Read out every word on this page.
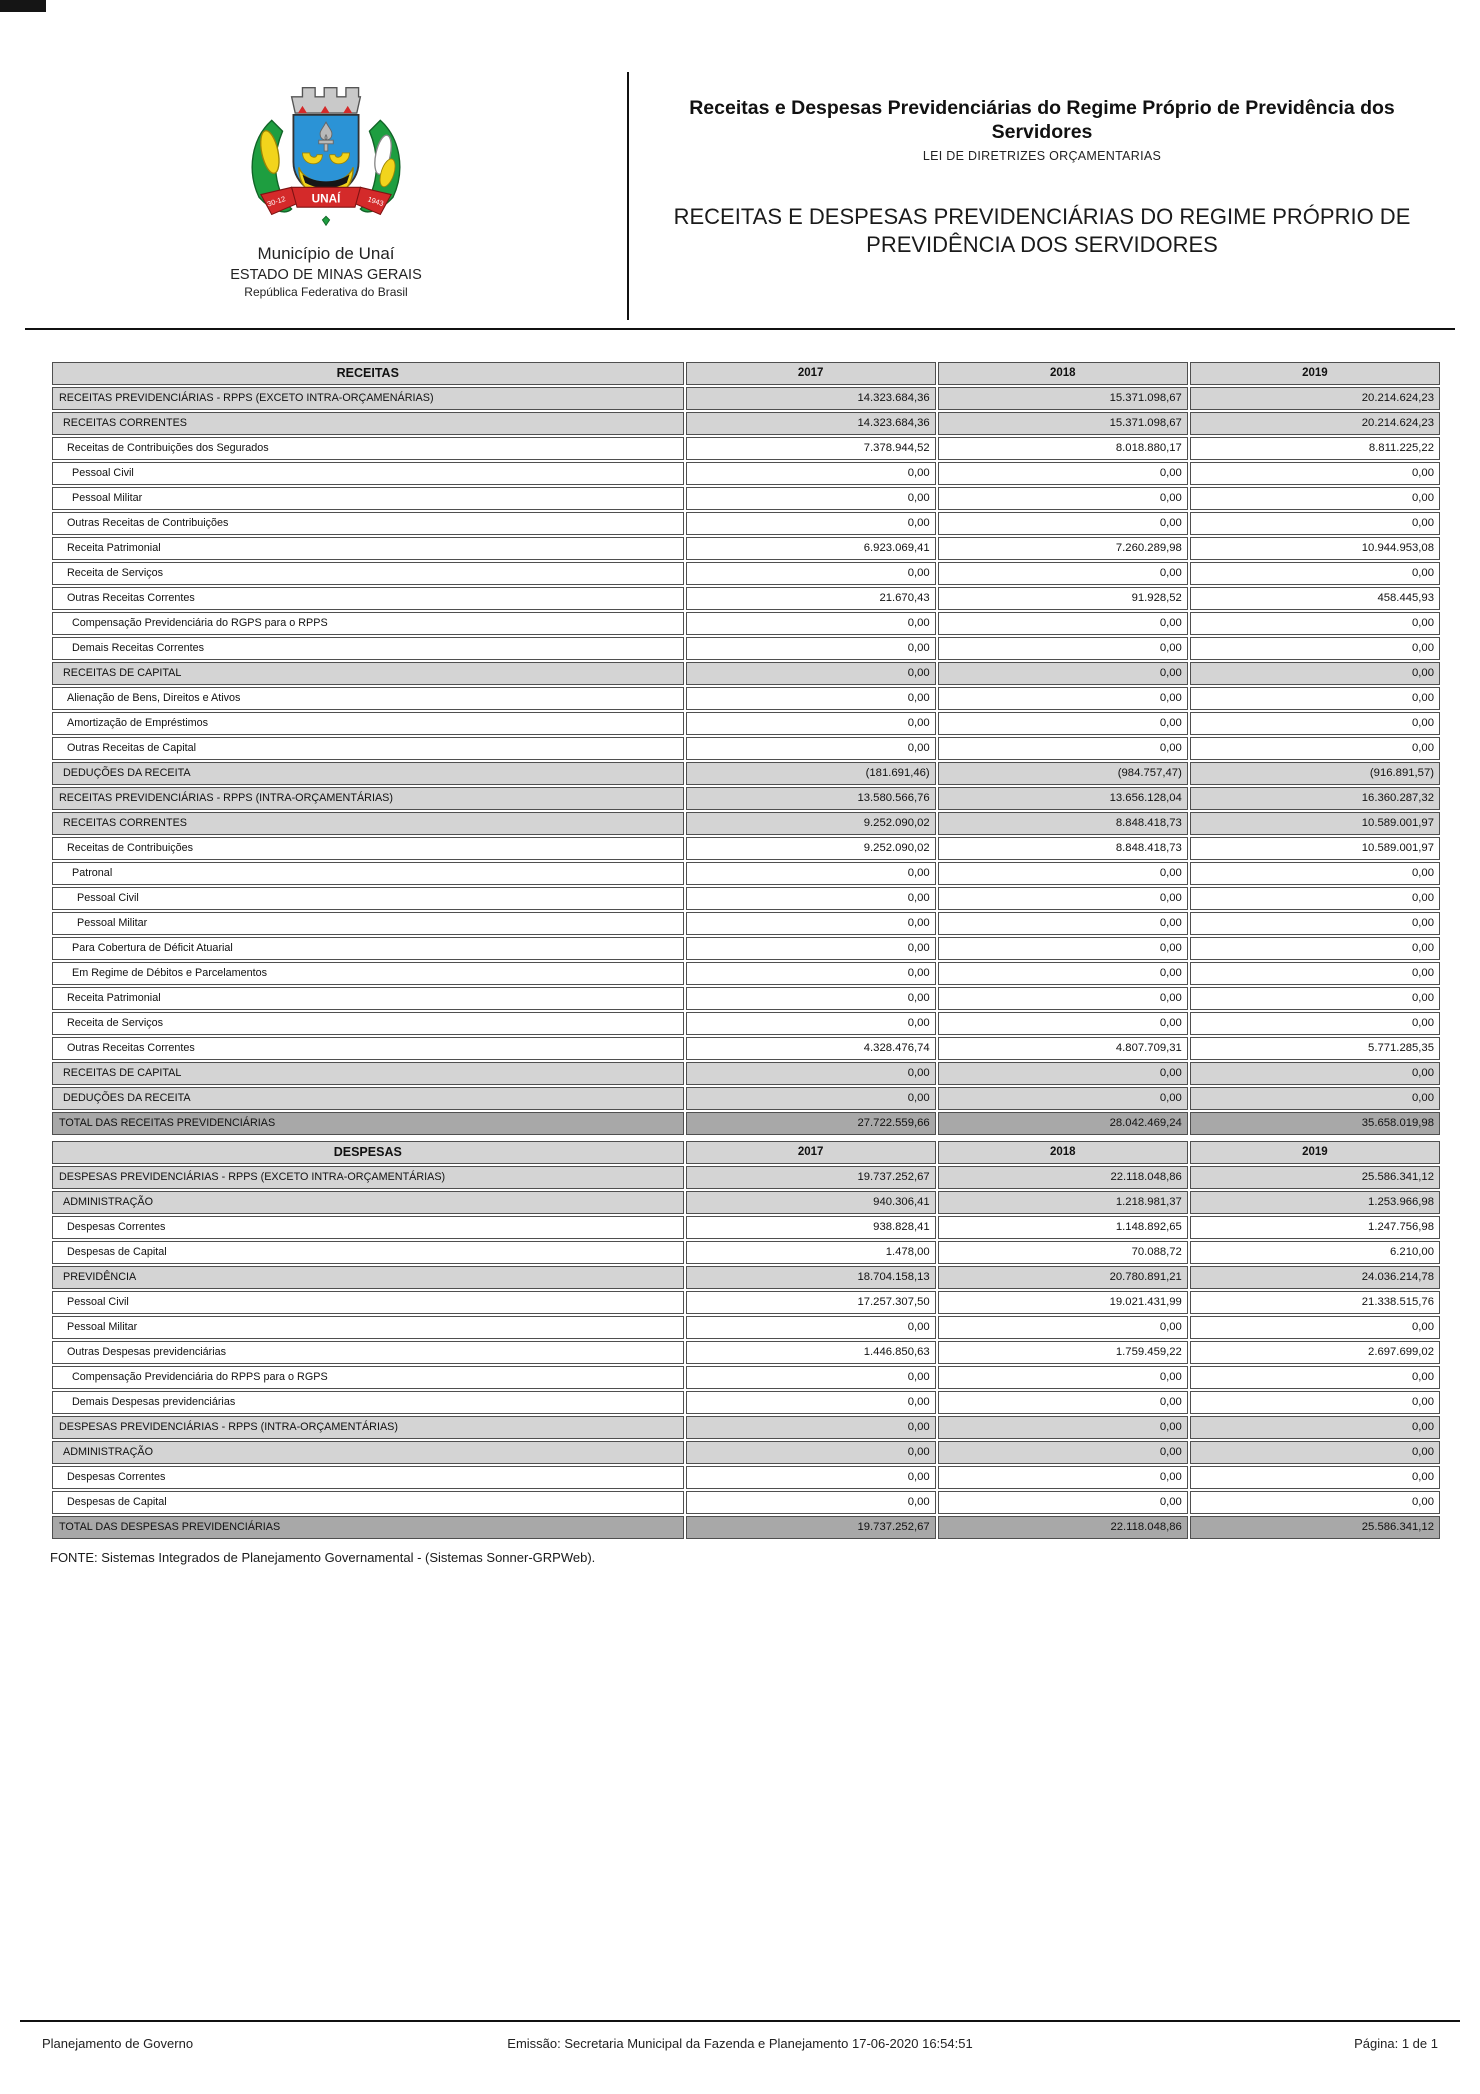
UNAÍ
30-12	1943
Município de Unaí
ESTADO DE MINAS GERAIS
República Federativa do Brasil
Receitas e Despesas Previdenciárias do Regime Próprio de Previdência dos Servidores
LEI DE DIRETRIZES ORÇAMENTARIAS
RECEITAS E DESPESAS PREVIDENCIÁRIAS DO REGIME PRÓPRIO DE PREVIDÊNCIA DOS SERVIDORES
RECEITAS	2017	2018	2019
RECEITAS PREVIDENCIÁRIAS - RPPS (EXCETO INTRA-ORÇAMENÁRIAS)	14.323.684,36	15.371.098,67	20.214.624,23
RECEITAS CORRENTES	14.323.684,36	15.371.098,67	20.214.624,23
Receitas de Contribuições dos Segurados	7.378.944,52	8.018.880,17	8.811.225,22
Pessoal Civil	0,00	0,00	0,00
Pessoal Militar	0,00	0,00	0,00
Outras Receitas de Contribuições	0,00	0,00	0,00
Receita Patrimonial	6.923.069,41	7.260.289,98	10.944.953,08
Receita de Serviços	0,00	0,00	0,00
Outras Receitas Correntes	21.670,43	91.928,52	458.445,93
Compensação Previdenciária do RGPS para o RPPS	0,00	0,00	0,00
Demais Receitas Correntes	0,00	0,00	0,00
RECEITAS DE CAPITAL	0,00	0,00	0,00
Alienação de Bens, Direitos e Ativos	0,00	0,00	0,00
Amortização de Empréstimos	0,00	0,00	0,00
Outras Receitas de Capital	0,00	0,00	0,00
DEDUÇÕES DA RECEITA	(181.691,46)	(984.757,47)	(916.891,57)
RECEITAS PREVIDENCIÁRIAS - RPPS (INTRA-ORÇAMENTÁRIAS)	13.580.566,76	13.656.128,04	16.360.287,32
RECEITAS CORRENTES	9.252.090,02	8.848.418,73	10.589.001,97
Receitas de Contribuições	9.252.090,02	8.848.418,73	10.589.001,97
Patronal	0,00	0,00	0,00
Pessoal Civil	0,00	0,00	0,00
Pessoal Militar	0,00	0,00	0,00
Para Cobertura de Déficit Atuarial	0,00	0,00	0,00
Em Regime de Débitos e Parcelamentos	0,00	0,00	0,00
Receita Patrimonial	0,00	0,00	0,00
Receita de Serviços	0,00	0,00	0,00
Outras Receitas Correntes	4.328.476,74	4.807.709,31	5.771.285,35
RECEITAS DE CAPITAL	0,00	0,00	0,00
DEDUÇÕES DA RECEITA	0,00	0,00	0,00
TOTAL DAS RECEITAS PREVIDENCIÁRIAS	27.722.559,66	28.042.469,24	35.658.019,98
DESPESAS	2017	2018	2019
DESPESAS PREVIDENCIÁRIAS - RPPS (EXCETO INTRA-ORÇAMENTÁRIAS)	19.737.252,67	22.118.048,86	25.586.341,12
ADMINISTRAÇÃO	940.306,41	1.218.981,37	1.253.966,98
Despesas Correntes	938.828,41	1.148.892,65	1.247.756,98
Despesas de Capital	1.478,00	70.088,72	6.210,00
PREVIDÊNCIA	18.704.158,13	20.780.891,21	24.036.214,78
Pessoal Civil	17.257.307,50	19.021.431,99	21.338.515,76
Pessoal Militar	0,00	0,00	0,00
Outras Despesas previdenciárias	1.446.850,63	1.759.459,22	2.697.699,02
Compensação Previdenciária do RPPS para o RGPS	0,00	0,00	0,00
Demais Despesas previdenciárias	0,00	0,00	0,00
DESPESAS PREVIDENCIÁRIAS - RPPS (INTRA-ORÇAMENTÁRIAS)	0,00	0,00	0,00
ADMINISTRAÇÃO	0,00	0,00	0,00
Despesas Correntes	0,00	0,00	0,00
Despesas de Capital	0,00	0,00	0,00
TOTAL DAS DESPESAS PREVIDENCIÁRIAS	19.737.252,67	22.118.048,86	25.586.341,12
FONTE: Sistemas Integrados de Planejamento Governamental - (Sistemas Sonner-GRPWeb).
Planejamento de Governo	Emissão: Secretaria Municipal da Fazenda e Planejamento 17-06-2020 16:54:51	Página: 1 de 1
